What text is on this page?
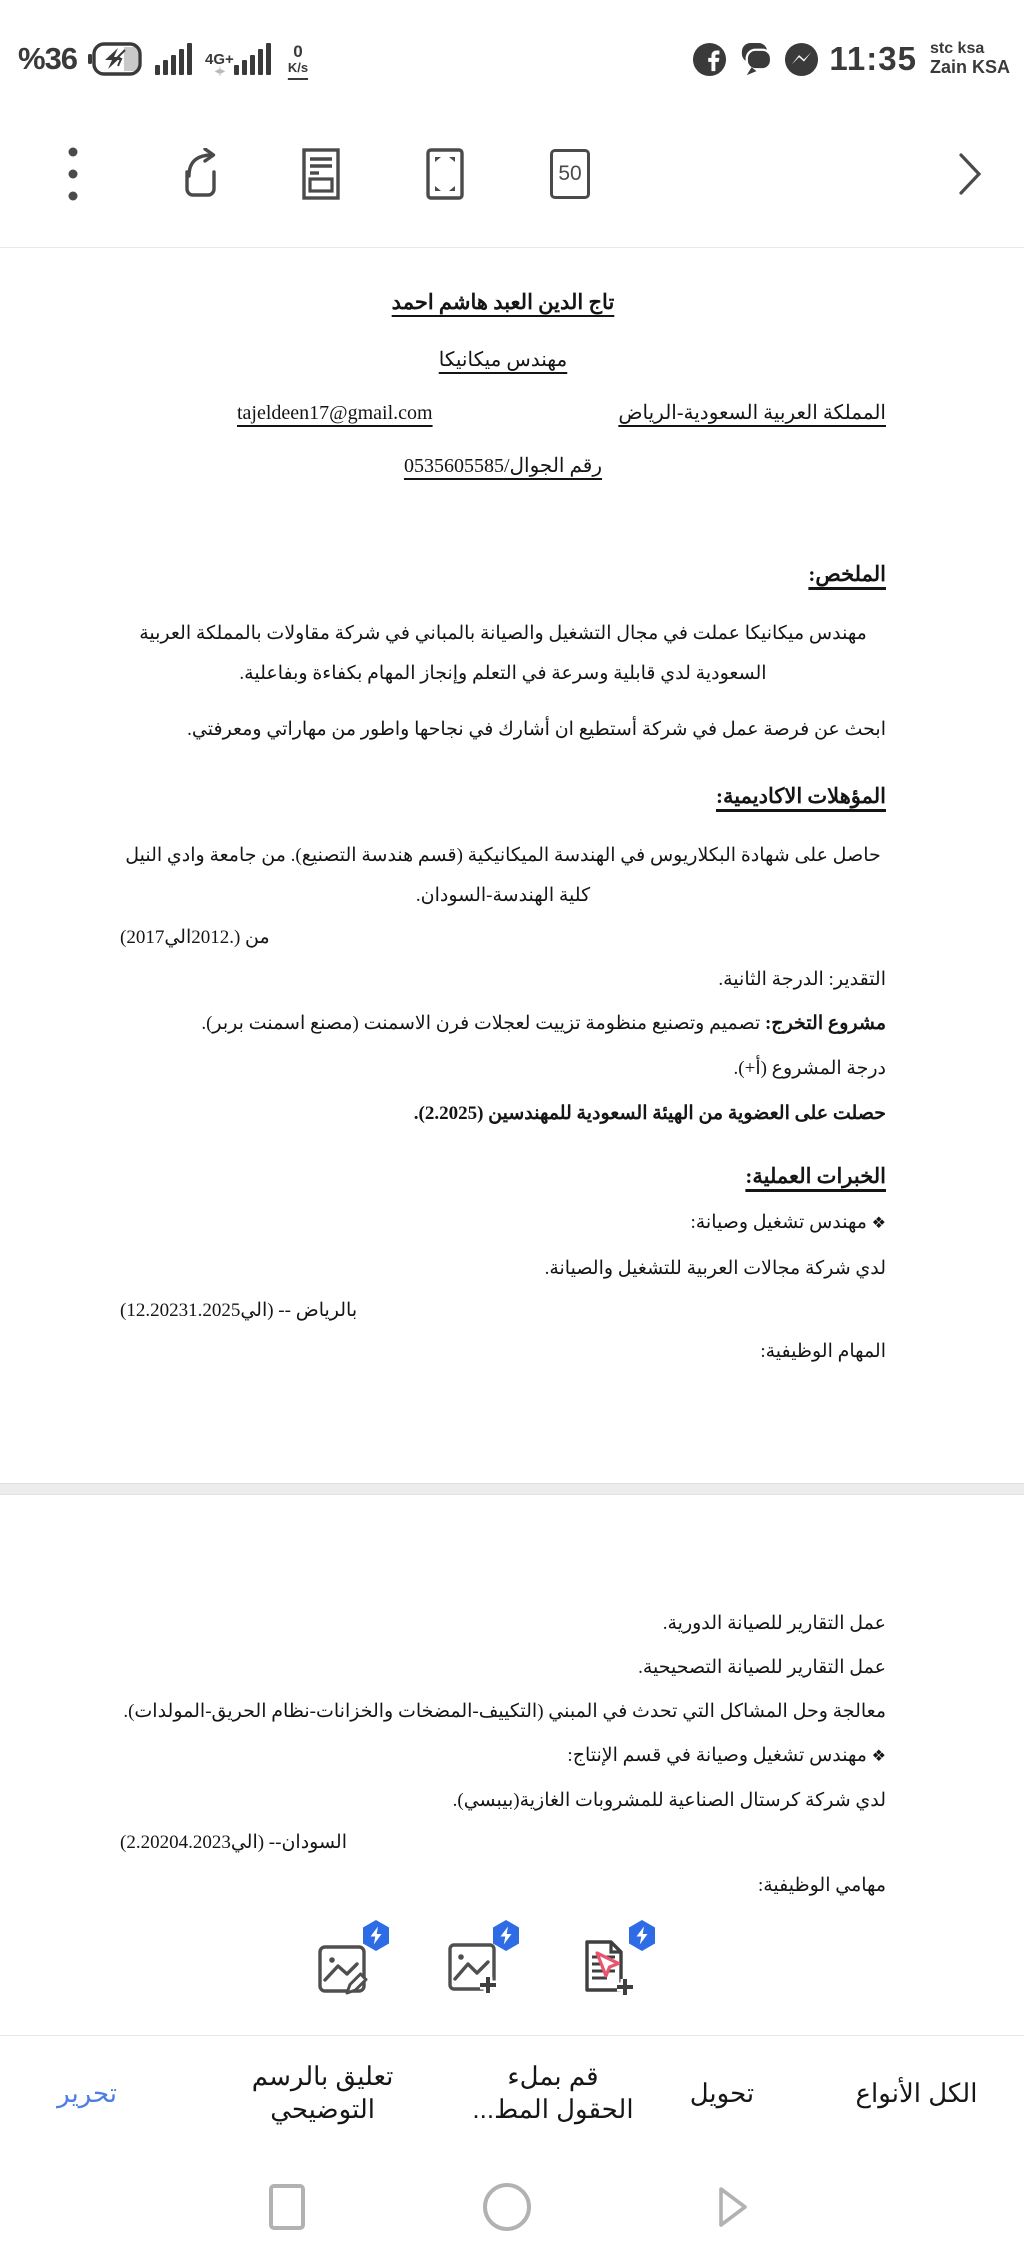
%36	4G+
◂|▸
0
K/s	11:35 stc ksa
Zain KSA
50
تاج الدين العبد هاشم احمد
مهندس ميكانيكا
tajeldeen17@gmail.com	المملكة العربية السعودية-الرياض
رقم الجوال/0535605585
الملخص:
مهندس ميكانيكا عملت في مجال التشغيل والصيانة بالمباني في شركة مقاولات بالمملكة العربية السعودية لدي قابلية وسرعة في التعلم وإنجاز المهام بكفاءة وبفاعلية.
ابحث عن فرصة عمل في شركة أستطيع ان أشارك في نجاحها واطور من مهاراتي ومعرفتي.
المؤهلات الاكاديمية:
حاصل على شهادة البكلاريوس في الهندسة الميكانيكية (قسم هندسة التصنيع). من جامعة وادي النيل كلية الهندسة-السودان.
من (.2012الي2017)
التقدير: الدرجة الثانية.
مشروع التخرج: تصميم وتصنيع منظومة تزييت لعجلات فرن الاسمنت (مصنع اسمنت بربر).
درجة المشروع (أ+).
حصلت على العضوية من الهيئة السعودية للمهندسين (2.2025).
الخبرات العملية:
❖ مهندس تشغيل وصيانة:
لدي شركة مجالات العربية للتشغيل والصيانة.
(12.2023الي1.2025) -- بالرياض
المهام الوظيفية:
عمل التقارير للصيانة الدورية.
عمل التقارير للصيانة التصحيحية.
معالجة وحل المشاكل التي تحدث في المبني (التكييف-المضخات والخزانات-نظام الحريق-المولدات).
❖ مهندس تشغيل وصيانة في قسم الإنتاج:
لدي شركة كرستال الصناعية للمشروبات الغازية(بيبسي).
(2.2020الي4.2023) --السودان
مهامي الوظيفية:
الكل الأنواع
تحويل
قم بملء
الحقول المط...
تعليق بالرسم
التوضيحي
تحرير
